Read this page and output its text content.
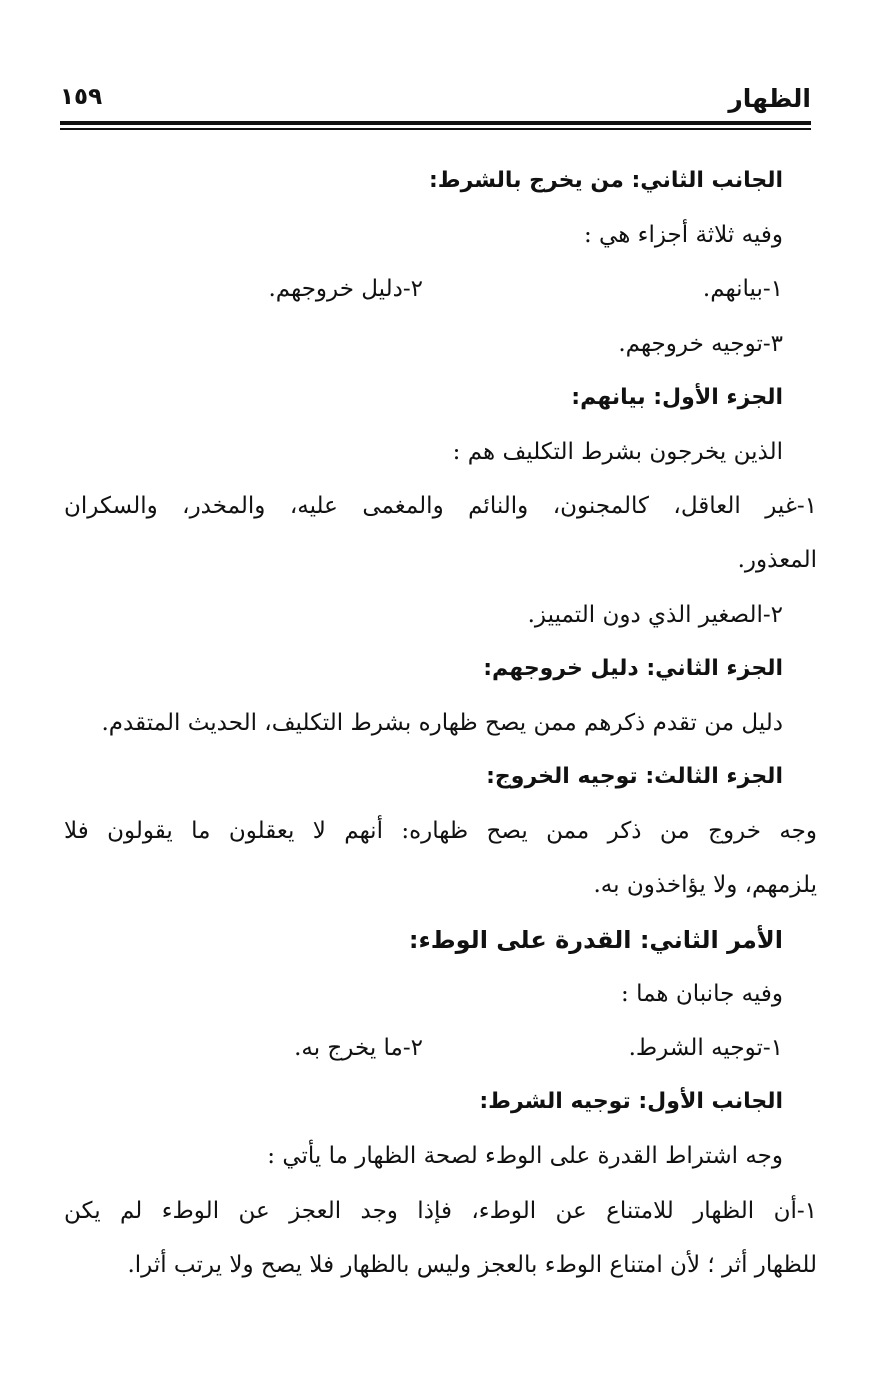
الظهار
١٥٩
الجانب الثاني: من يخرج بالشرط:
وفيه ثلاثة أجزاء هي :
١-بيانهم.
٢-دليل خروجهم.
٣-توجيه خروجهم.
الجزء الأول: بيانهم:
الذين يخرجون بشرط التكليف هم :
١-غير العاقل، كالمجنون، والنائم والمغمى عليه، والمخدر، والسكران
المعذور.
٢-الصغير الذي دون التمييز.
الجزء الثاني: دليل خروجهم:
دليل من تقدم ذكرهم ممن يصح ظهاره بشرط التكليف، الحديث المتقدم.
الجزء الثالث: توجيه الخروج:
وجه خروج من ذكر ممن يصح ظهاره: أنهم لا يعقلون ما يقولون فلا
يلزمهم، ولا يؤاخذون به.
الأمر الثاني: القدرة على الوطء:
وفيه جانبان هما :
١-توجيه الشرط.
٢-ما يخرج به.
الجانب الأول: توجيه الشرط:
وجه اشتراط القدرة على الوطء لصحة الظهار ما يأتي :
١-أن الظهار للامتناع عن الوطء، فإذا وجد العجز عن الوطء لم يكن
للظهار أثر ؛ لأن امتناع الوطء بالعجز وليس بالظهار فلا يصح ولا يرتب أثرا.
